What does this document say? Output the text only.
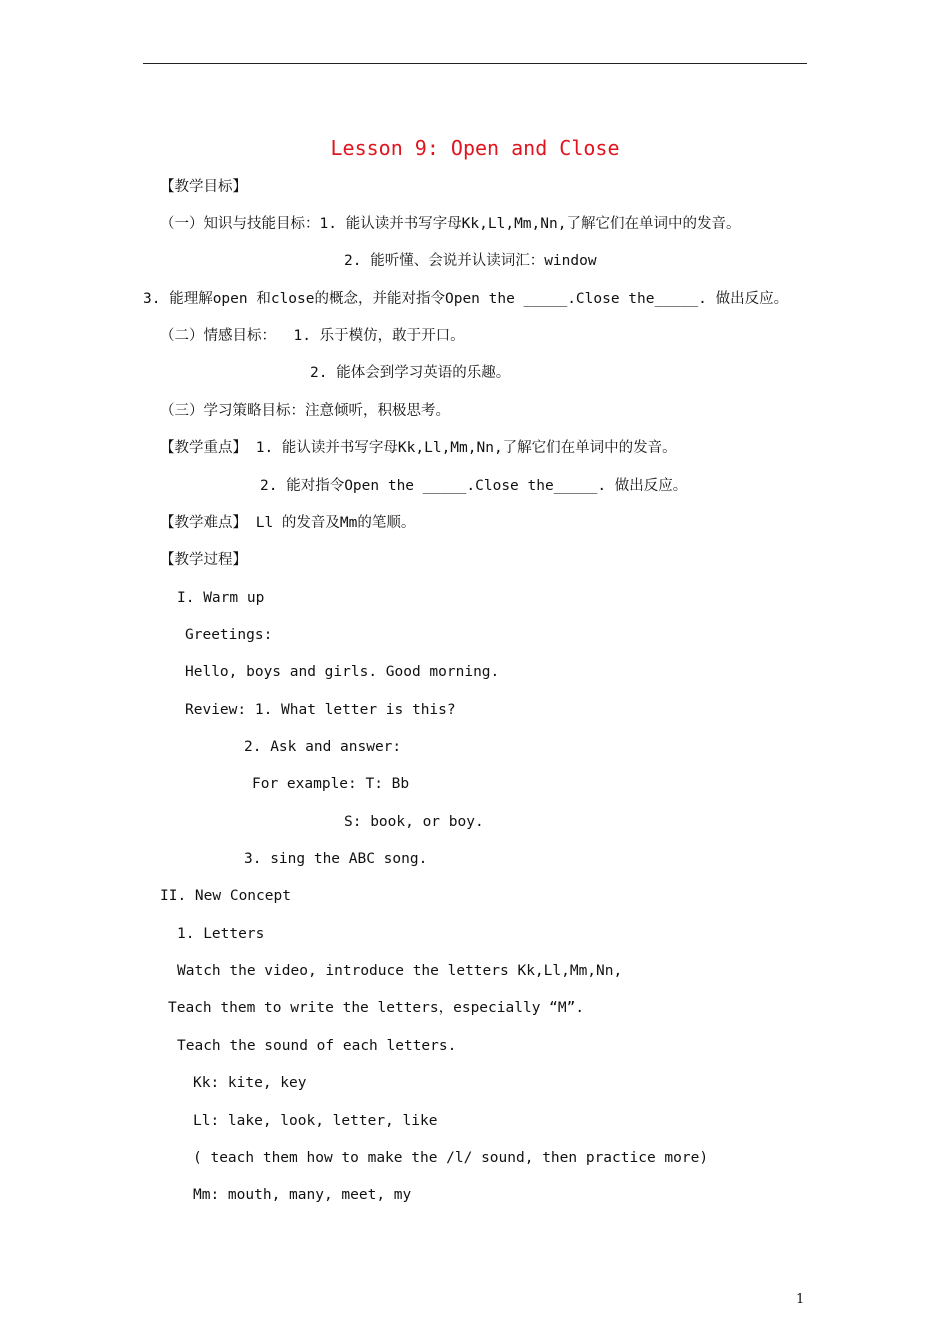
Lesson 9: Open and Close
【教学目标】
（一）知识与技能目标：1. 能认读并书写字母Kk,Ll,Mm,Nn,了解它们在单词中的发音。
2. 能听懂、会说并认读词汇：window
3. 能理解open 和close的概念，并能对指令Open the _____.Close the_____. 做出反应。
（二）情感目标：  1. 乐于模仿，敢于开口。
2. 能体会到学习英语的乐趣。
（三）学习策略目标：注意倾听，积极思考。
【教学重点】 1. 能认读并书写字母Kk,Ll,Mm,Nn,了解它们在单词中的发音。
2. 能对指令Open the _____.Close the_____. 做出反应。
【教学难点】 Ll 的发音及Mm的笔顺。
【教学过程】
I. Warm up
Greetings:
Hello, boys and girls. Good morning.
Review: 1. What letter is this?
2. Ask and answer:
For example: T: Bb
S: book, or boy.
3. sing the ABC song.
II. New Concept
1. Letters
Watch the video, introduce the letters Kk,Ll,Mm,Nn,
Teach them to write the letters，especially “M”.
Teach the sound of each letters.
Kk: kite, key
Ll: lake, look, letter, like
( teach them how to make the /l/ sound, then practice more)
Mm: mouth, many, meet, my
1
